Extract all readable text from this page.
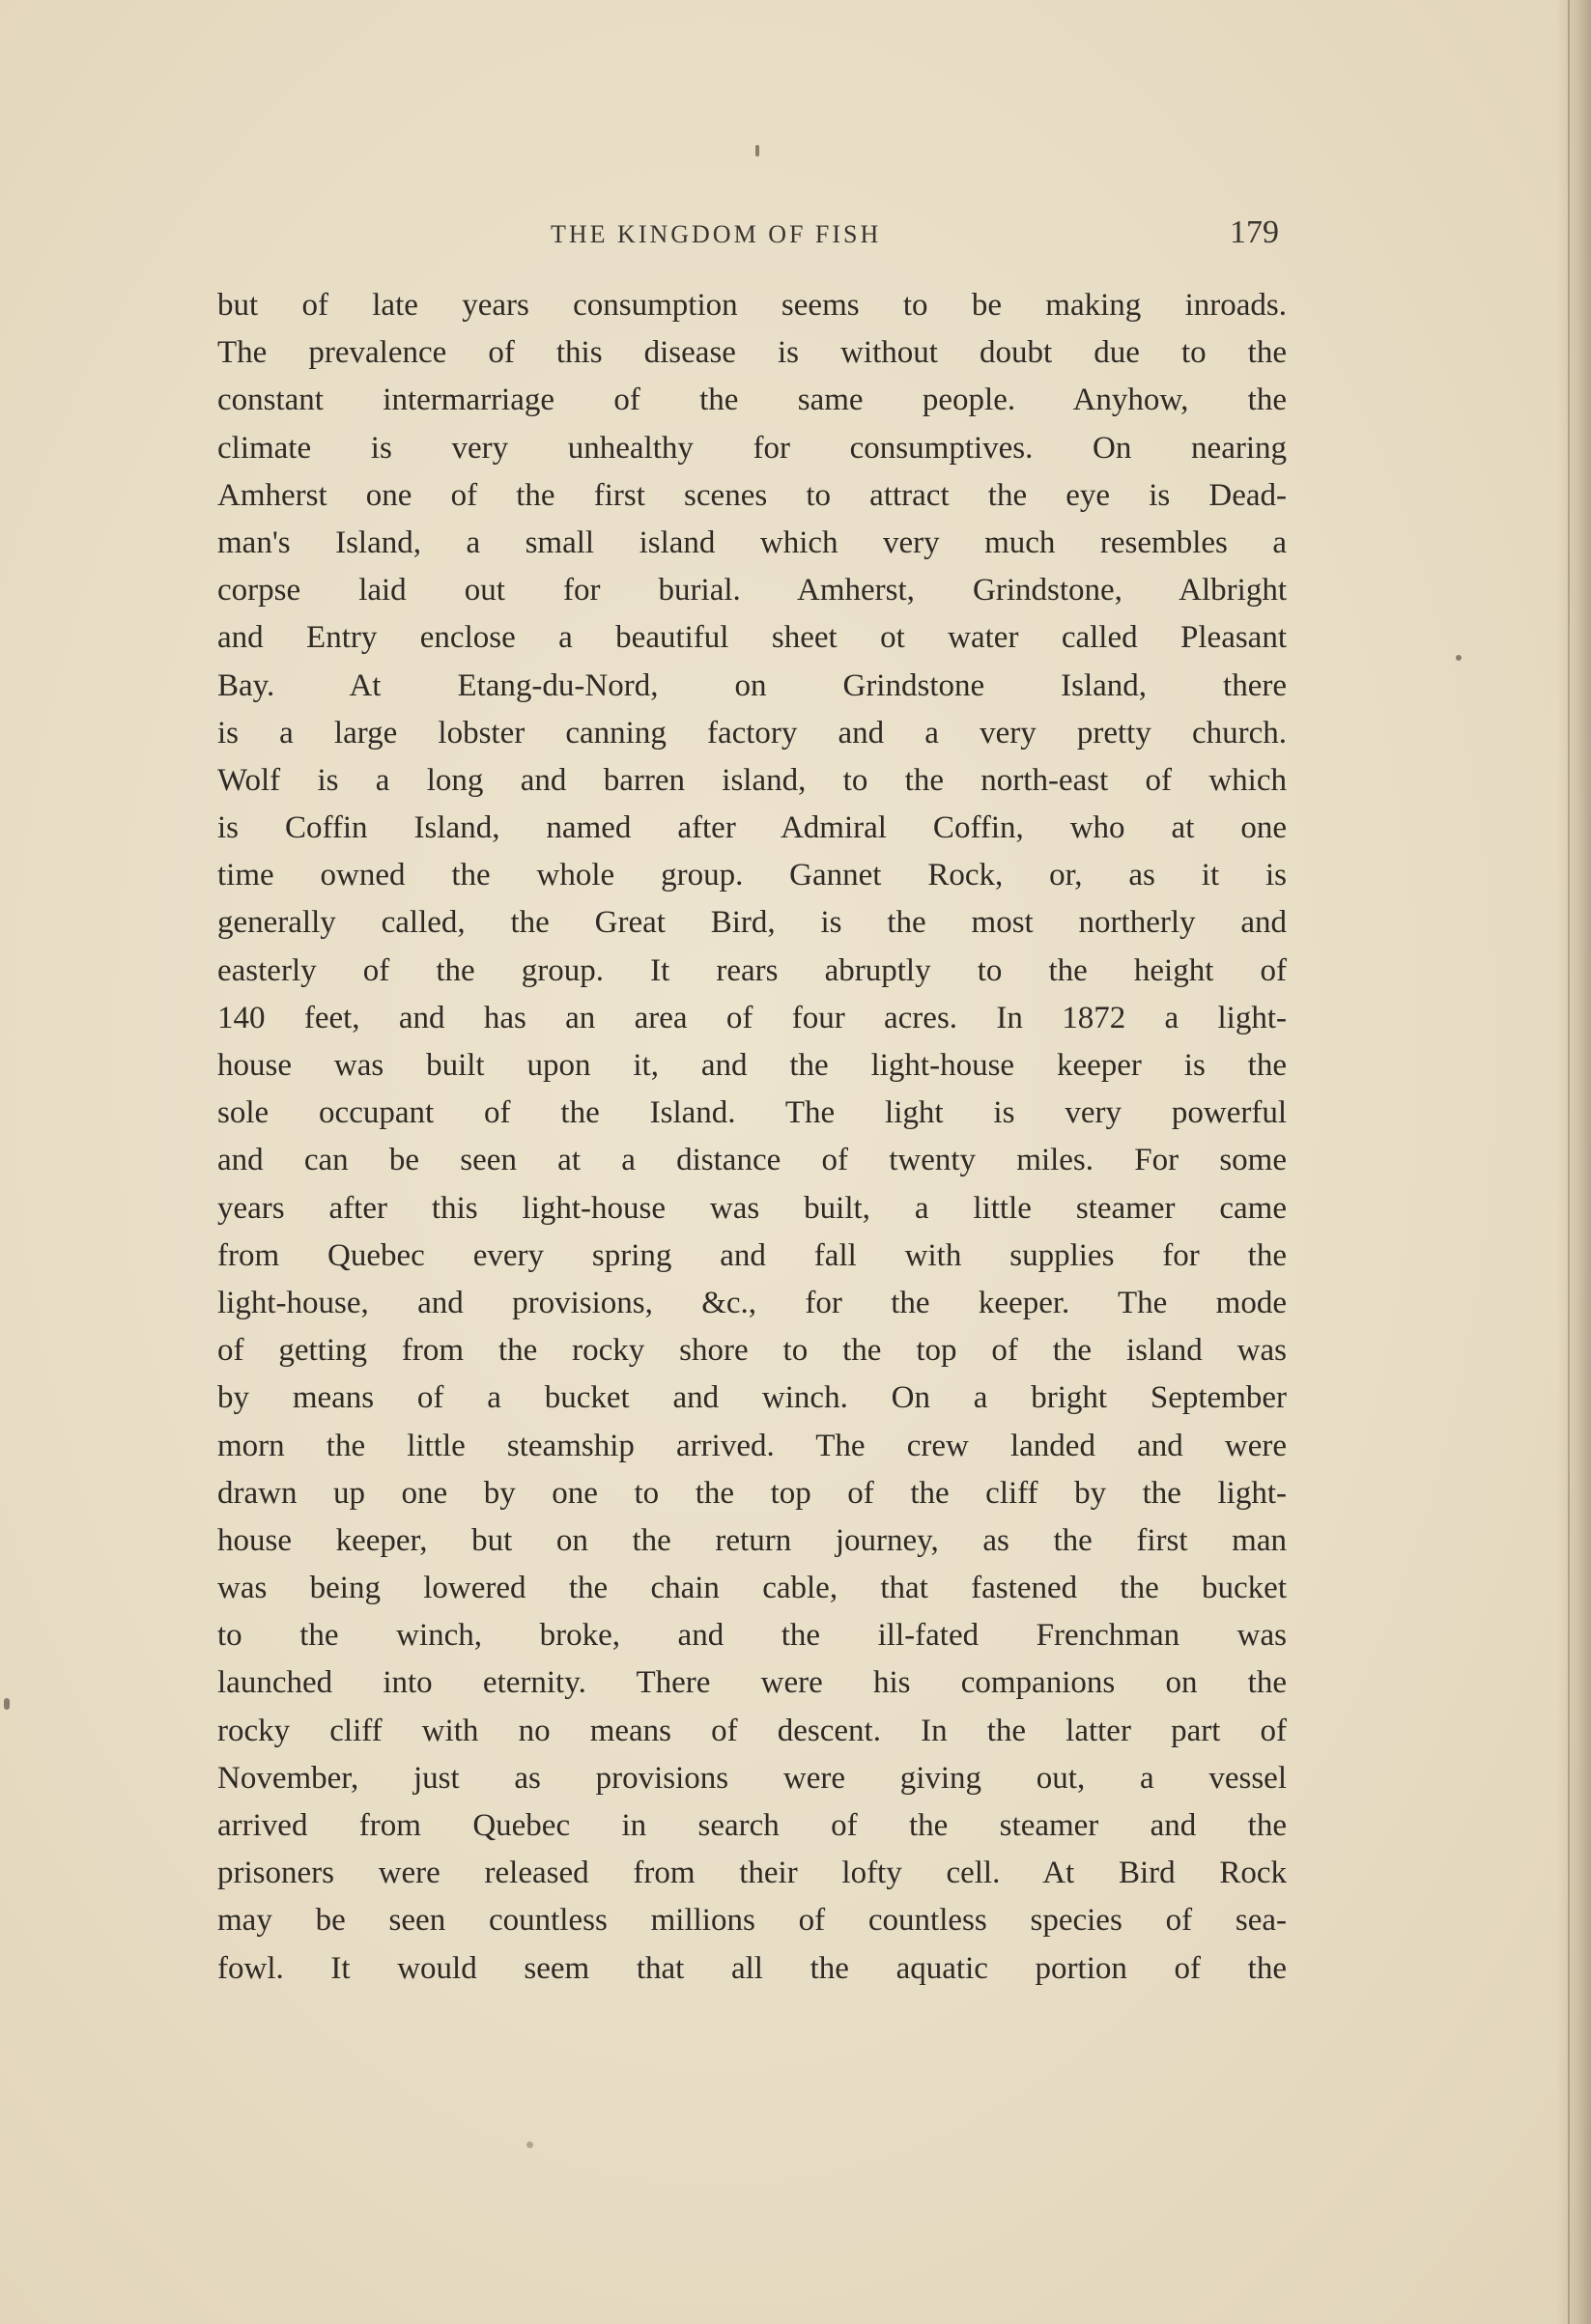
THE KINGDOM OF FISH	179
but of late years consumption seems to be making inroads.
The prevalence of this disease is without doubt due to the
constant intermarriage of the same people. Anyhow, the
climate is very unhealthy for consumptives. On nearing
Amherst one of the first scenes to attract the eye is Dead-
man's Island, a small island which very much resembles a
corpse laid out for burial. Amherst, Grindstone, Albright
and Entry enclose a beautiful sheet ot water called Pleasant
Bay. At Etang-du-Nord, on Grindstone Island, there
is a large lobster canning factory and a very pretty church.
Wolf is a long and barren island, to the north-east of which
is Coffin Island, named after Admiral Coffin, who at one
time owned the whole group. Gannet Rock, or, as it is
generally called, the Great Bird, is the most northerly and
easterly of the group. It rears abruptly to the height of
140 feet, and has an area of four acres. In 1872 a light-
house was built upon it, and the light-house keeper is the
sole occupant of the Island. The light is very powerful
and can be seen at a distance of twenty miles. For some
years after this light-house was built, a little steamer came
from Quebec every spring and fall with supplies for the
light-house, and provisions, &c., for the keeper. The mode
of getting from the rocky shore to the top of the island was
by means of a bucket and winch. On a bright September
morn the little steamship arrived. The crew landed and were
drawn up one by one to the top of the cliff by the light-
house keeper, but on the return journey, as the first man
was being lowered the chain cable, that fastened the bucket
to the winch, broke, and the ill-fated Frenchman was
launched into eternity. There were his companions on the
rocky cliff with no means of descent. In the latter part of
November, just as provisions were giving out, a vessel
arrived from Quebec in search of the steamer and the
prisoners were released from their lofty cell. At Bird Rock
may be seen countless millions of countless species of sea-
fowl. It would seem that all the aquatic portion of the
